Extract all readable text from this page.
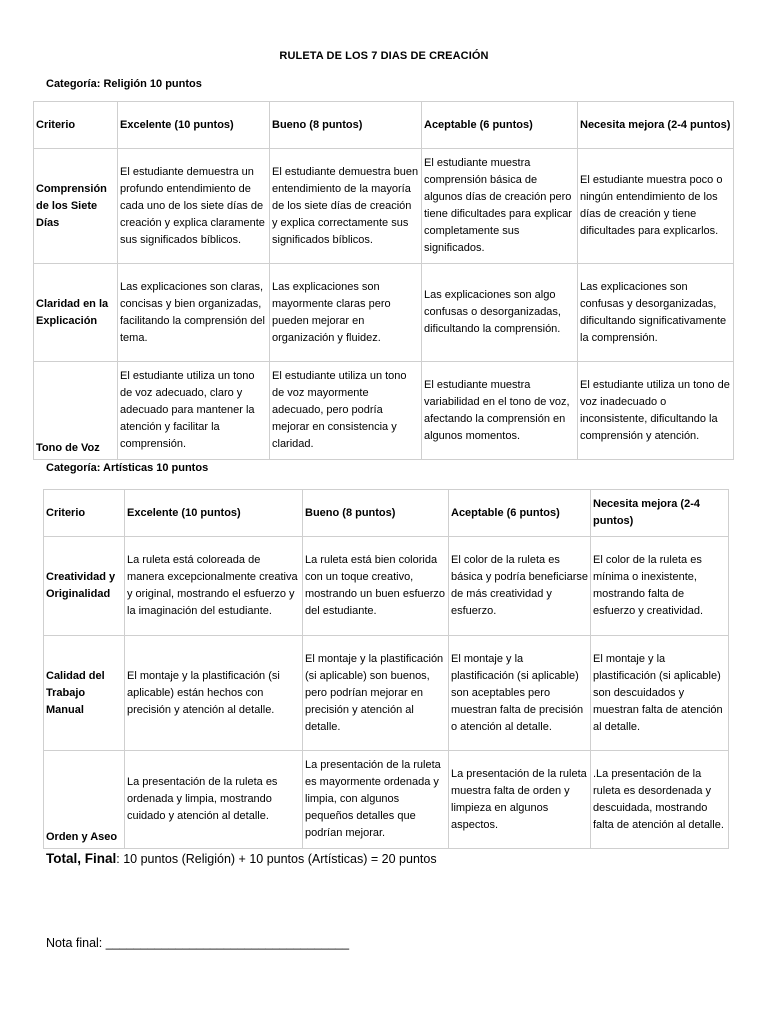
RULETA DE LOS 7 DIAS DE CREACIÓN
Categoría: Religión 10 puntos
Criterio	Excelente (10 puntos)	Bueno (8 puntos)	Aceptable (6 puntos)	Necesita mejora (2-4 puntos)
Comprensión de los Siete Días	El estudiante demuestra un profundo entendimiento de cada uno de los siete días de creación y explica claramente sus significados bíblicos.	El estudiante demuestra buen entendimiento de la mayoría de los siete días de creación y explica correctamente sus significados bíblicos.	El estudiante muestra comprensión básica de algunos días de creación pero tiene dificultades para explicar completamente sus significados.	El estudiante muestra poco o ningún entendimiento de los días de creación y tiene dificultades para explicarlos.
Claridad en la Explicación	Las explicaciones son claras, concisas y bien organizadas, facilitando la comprensión del tema.	Las explicaciones son mayormente claras pero pueden mejorar en organización y fluidez.	Las explicaciones son algo confusas o desorganizadas, dificultando la comprensión.	Las explicaciones son confusas y desorganizadas, dificultando significativamente la comprensión.
Tono de Voz	El estudiante utiliza un tono de voz adecuado, claro y adecuado para mantener la atención y facilitar la comprensión.	El estudiante utiliza un tono de voz mayormente adecuado, pero podría mejorar en consistencia y claridad.	El estudiante muestra variabilidad en el tono de voz, afectando la comprensión en algunos momentos.	El estudiante utiliza un tono de voz inadecuado o inconsistente, dificultando la comprensión y atención.
Categoría: Artísticas 10 puntos
Criterio	Excelente (10 puntos)	Bueno (8 puntos)	Aceptable (6 puntos)	Necesita mejora (2-4 puntos)
Creatividad y Originalidad	La ruleta está coloreada de manera excepcionalmente creativa y original, mostrando el esfuerzo y la imaginación del estudiante.	La ruleta está bien colorida con un toque creativo, mostrando un buen esfuerzo del estudiante.	El color de la ruleta es básica y podría beneficiarse de más creatividad y esfuerzo.	El color de la ruleta es mínima o inexistente, mostrando falta de esfuerzo y creatividad.
Calidad del Trabajo Manual	El montaje y la plastificación (si aplicable) están hechos con precisión y atención al detalle.	El montaje y la plastificación (si aplicable) son buenos, pero podrían mejorar en precisión y atención al detalle.	El montaje y la plastificación (si aplicable) son aceptables pero muestran falta de precisión o atención al detalle.	El montaje y la plastificación (si aplicable) son descuidados y muestran falta de atención al detalle.
Orden y Aseo	La presentación de la ruleta es ordenada y limpia, mostrando cuidado y atención al detalle.	La presentación de la ruleta es mayormente ordenada y limpia, con algunos pequeños detalles que podrían mejorar.	La presentación de la ruleta muestra falta de orden y limpieza en algunos aspectos.	.La presentación de la ruleta es desordenada y descuidada, mostrando falta de atención al detalle.
Total, Final: 10 puntos (Religión) + 10 puntos (Artísticas) = 20 puntos
Nota final: ___________________________________
